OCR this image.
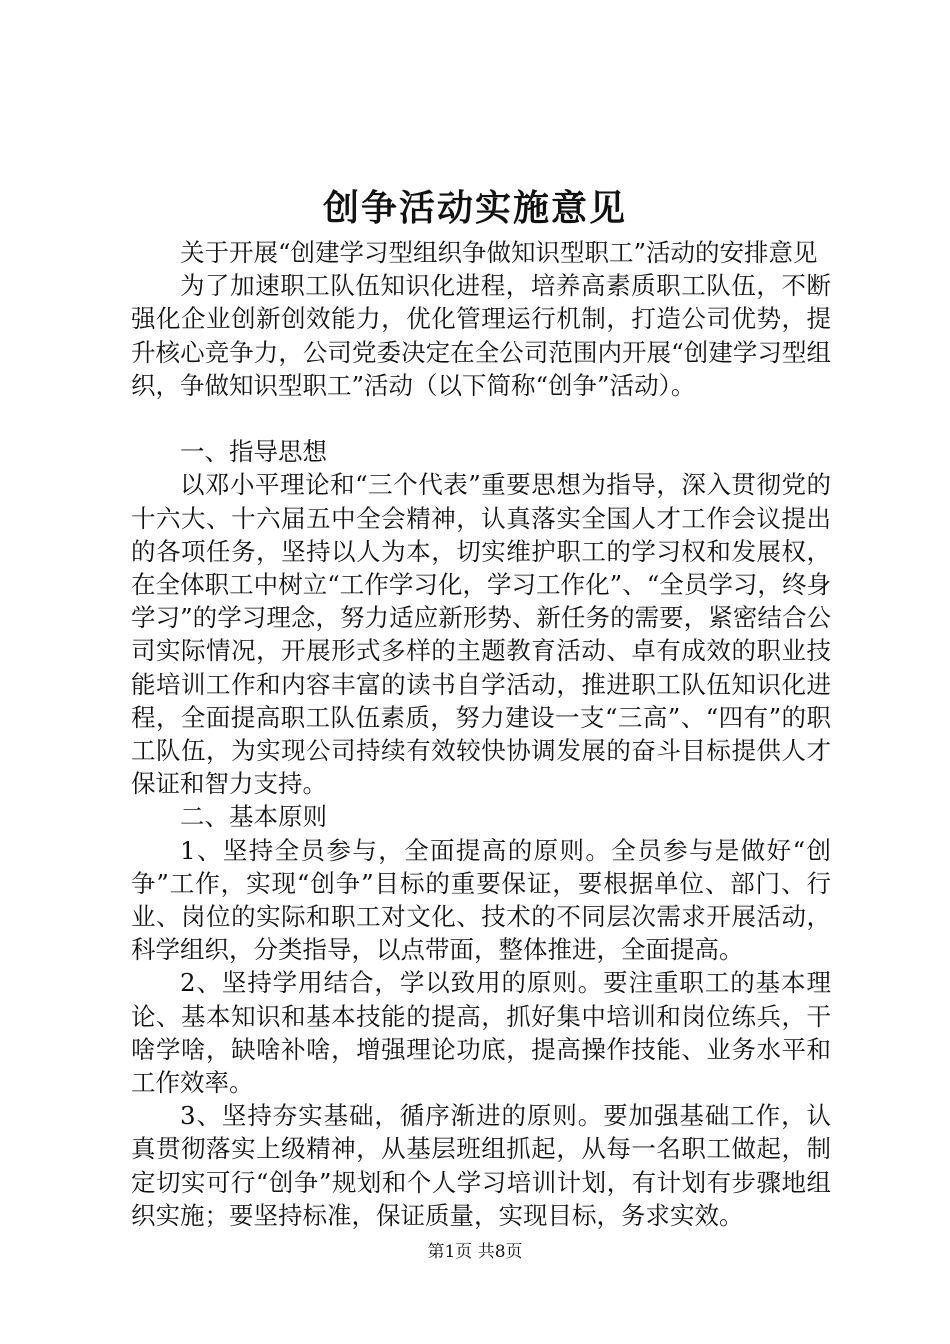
创争活动实施意见

关于开展“创建学习型组织争做知识型职工”活动的安排意见

为了加速职工队伍知识化进程，培养高素质职工队伍，不断强化企业创新创效能力，优化管理运行机制，打造公司优势，提升核心竞争力，公司党委决定在全公司范围内开展“创建学习型组织，争做知识型职工”活动（以下简称“创争”活动）。

一、指导思想

以邓小平理论和“三个代表”重要思想为指导，深入贯彻党的十六大、十六届五中全会精神，认真落实全国人才工作会议提出的各项任务，坚持以人为本，切实维护职工的学习权和发展权，在全体职工中树立“工作学习化，学习工作化”、“全员学习，终身学习”的学习理念，努力适应新形势、新任务的需要，紧密结合公司实际情况，开展形式多样的主题教育活动、卓有成效的职业技能培训工作和内容丰富的读书自学活动，推进职工队伍知识化进程，全面提高职工队伍素质，努力建设一支“三高”、“四有”的职工队伍，为实现公司持续有效较快协调发展的奋斗目标提供人才保证和智力支持。

二、基本原则

1、坚持全员参与，全面提高的原则。全员参与是做好“创争”工作，实现“创争”目标的重要保证，要根据单位、部门、行业、岗位的实际和职工对文化、技术的不同层次需求开展活动，科学组织，分类指导，以点带面，整体推进，全面提高。

2、坚持学用结合，学以致用的原则。要注重职工的基本理论、基本知识和基本技能的提高，抓好集中培训和岗位练兵，干啥学啥，缺啥补啥，增强理论功底，提高操作技能、业务水平和工作效率。

3、坚持夯实基础，循序渐进的原则。要加强基础工作，认真贯彻落实上级精神，从基层班组抓起，从每一名职工做起，制定切实可行“创争”规划和个人学习培训计划，有计划有步骤地组织实施；要坚持标准，保证质量，实现目标，务求实效。

第1页 共8页
